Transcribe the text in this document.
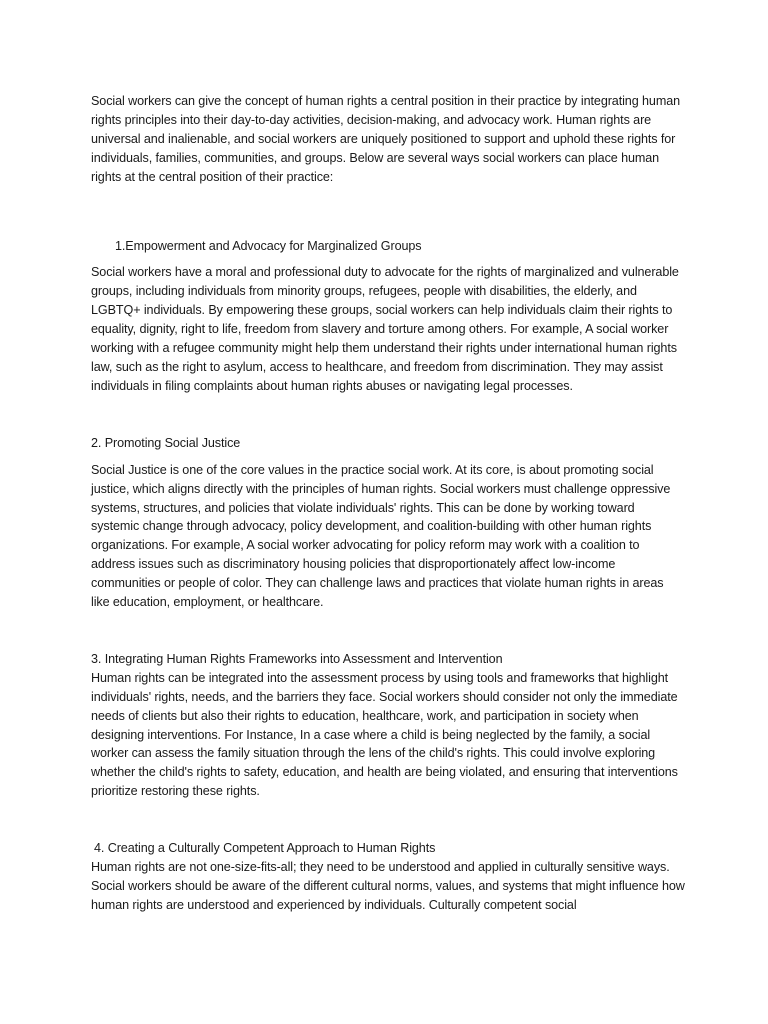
Social workers can give the concept of human rights a central position in their practice by integrating human rights principles into their day-to-day activities, decision-making, and advocacy work. Human rights are universal and inalienable, and social workers are uniquely positioned to support and uphold these rights for individuals, families, communities, and groups. Below are several ways social workers can place human rights at the central position of their practice:

1.Empowerment and Advocacy for Marginalized Groups

Social workers have a moral and professional duty to advocate for the rights of marginalized and vulnerable groups, including individuals from minority groups, refugees, people with disabilities, the elderly, and LGBTQ+ individuals. By empowering these groups, social workers can help individuals claim their rights to equality, dignity, right to life, freedom from slavery and torture among others. For example, A social worker working with a refugee community might help them understand their rights under international human rights law, such as the right to asylum, access to healthcare, and freedom from discrimination. They may assist individuals in filing complaints about human rights abuses or navigating legal processes.

2. Promoting Social Justice

Social Justice is one of the core values in the practice social work. At its core, is about promoting social justice, which aligns directly with the principles of human rights. Social workers must challenge oppressive systems, structures, and policies that violate individuals' rights. This can be done by working toward systemic change through advocacy, policy development, and coalition-building with other human rights organizations. For example, A social worker advocating for policy reform may work with a coalition to address issues such as discriminatory housing policies that disproportionately affect low-income communities or people of color. They can challenge laws and practices that violate human rights in areas like education, employment, or healthcare.

3. Integrating Human Rights Frameworks into Assessment and Intervention

Human rights can be integrated into the assessment process by using tools and frameworks that highlight individuals' rights, needs, and the barriers they face. Social workers should consider not only the immediate needs of clients but also their rights to education, healthcare, work, and participation in society when designing interventions. For Instance, In a case where a child is being neglected by the family, a social worker can assess the family situation through the lens of the child's rights. This could involve exploring whether the child's rights to safety, education, and health are being violated, and ensuring that interventions prioritize restoring these rights.

4. Creating a Culturally Competent Approach to Human Rights

Human rights are not one-size-fits-all; they need to be understood and applied in culturally sensitive ways. Social workers should be aware of the different cultural norms, values, and systems that might influence how human rights are understood and experienced by individuals. Culturally competent social
